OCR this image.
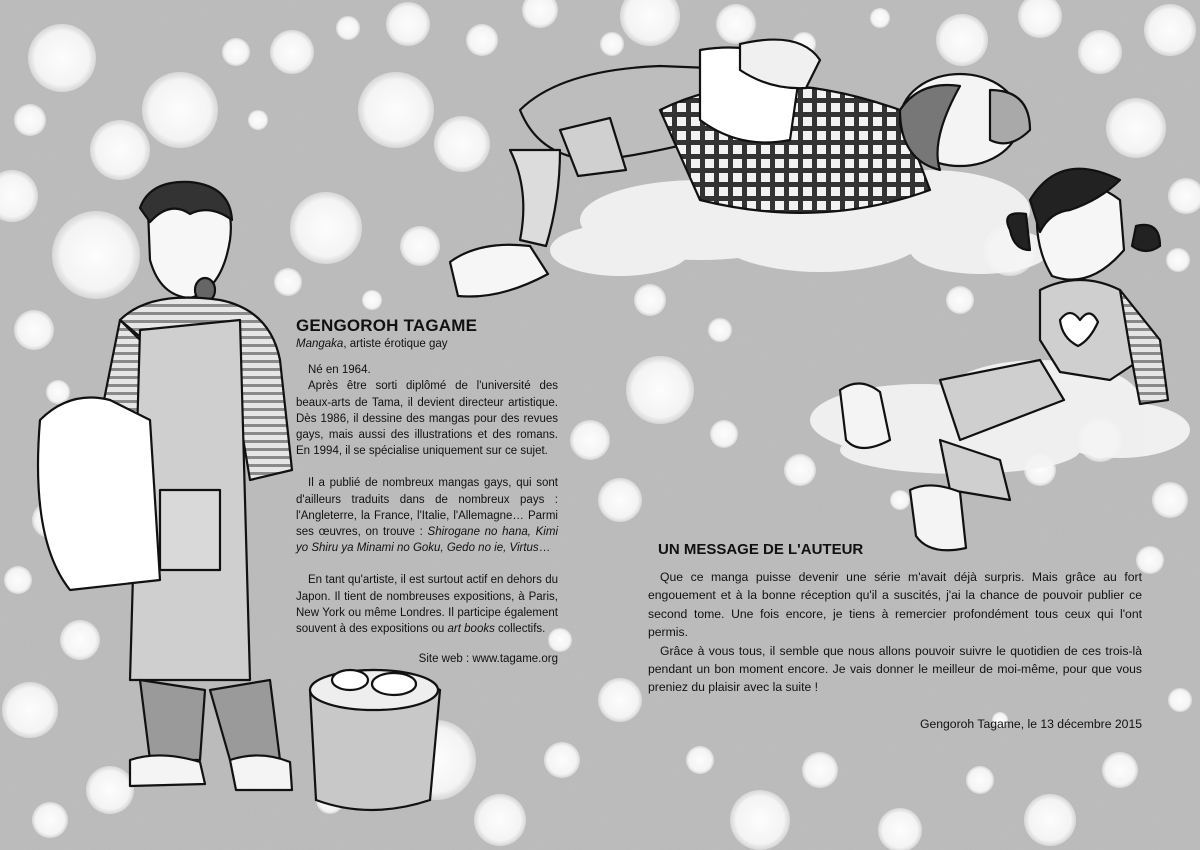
GENGOROH TAGAME
Mangaka, artiste érotique gay

Né en 1964.

Après être sorti diplômé de l'université des beaux-arts de Tama, il devient directeur artistique. Dès 1986, il dessine des mangas pour des revues gays, mais aussi des illustrations et des romans. En 1994, il se spécialise uniquement sur ce sujet.

Il a publié de nombreux mangas gays, qui sont d'ailleurs traduits dans de nombreux pays : l'Angleterre, la France, l'Italie, l'Allemagne… Parmi ses œuvres, on trouve : Shirogane no hana, Kimi yo Shiru ya Minami no Goku, Gedo no ie, Virtus…

En tant qu'artiste, il est surtout actif en dehors du Japon. Il tient de nombreuses expositions, à Paris, New York ou même Londres. Il participe également souvent à des expositions ou art books collectifs.

Site web : www.tagame.org
UN MESSAGE DE L'AUTEUR

Que ce manga puisse devenir une série m'avait déjà surpris. Mais grâce au fort engouement et à la bonne réception qu'il a suscités, j'ai la chance de pouvoir publier ce second tome. Une fois encore, je tiens à remercier profondément tous ceux qui l'ont permis.

Grâce à vous tous, il semble que nous allons pouvoir suivre le quotidien de ces trois-là pendant un bon moment encore. Je vais donner le meilleur de moi-même, pour que vous preniez du plaisir avec la suite !

Gengoroh Tagame, le 13 décembre 2015
